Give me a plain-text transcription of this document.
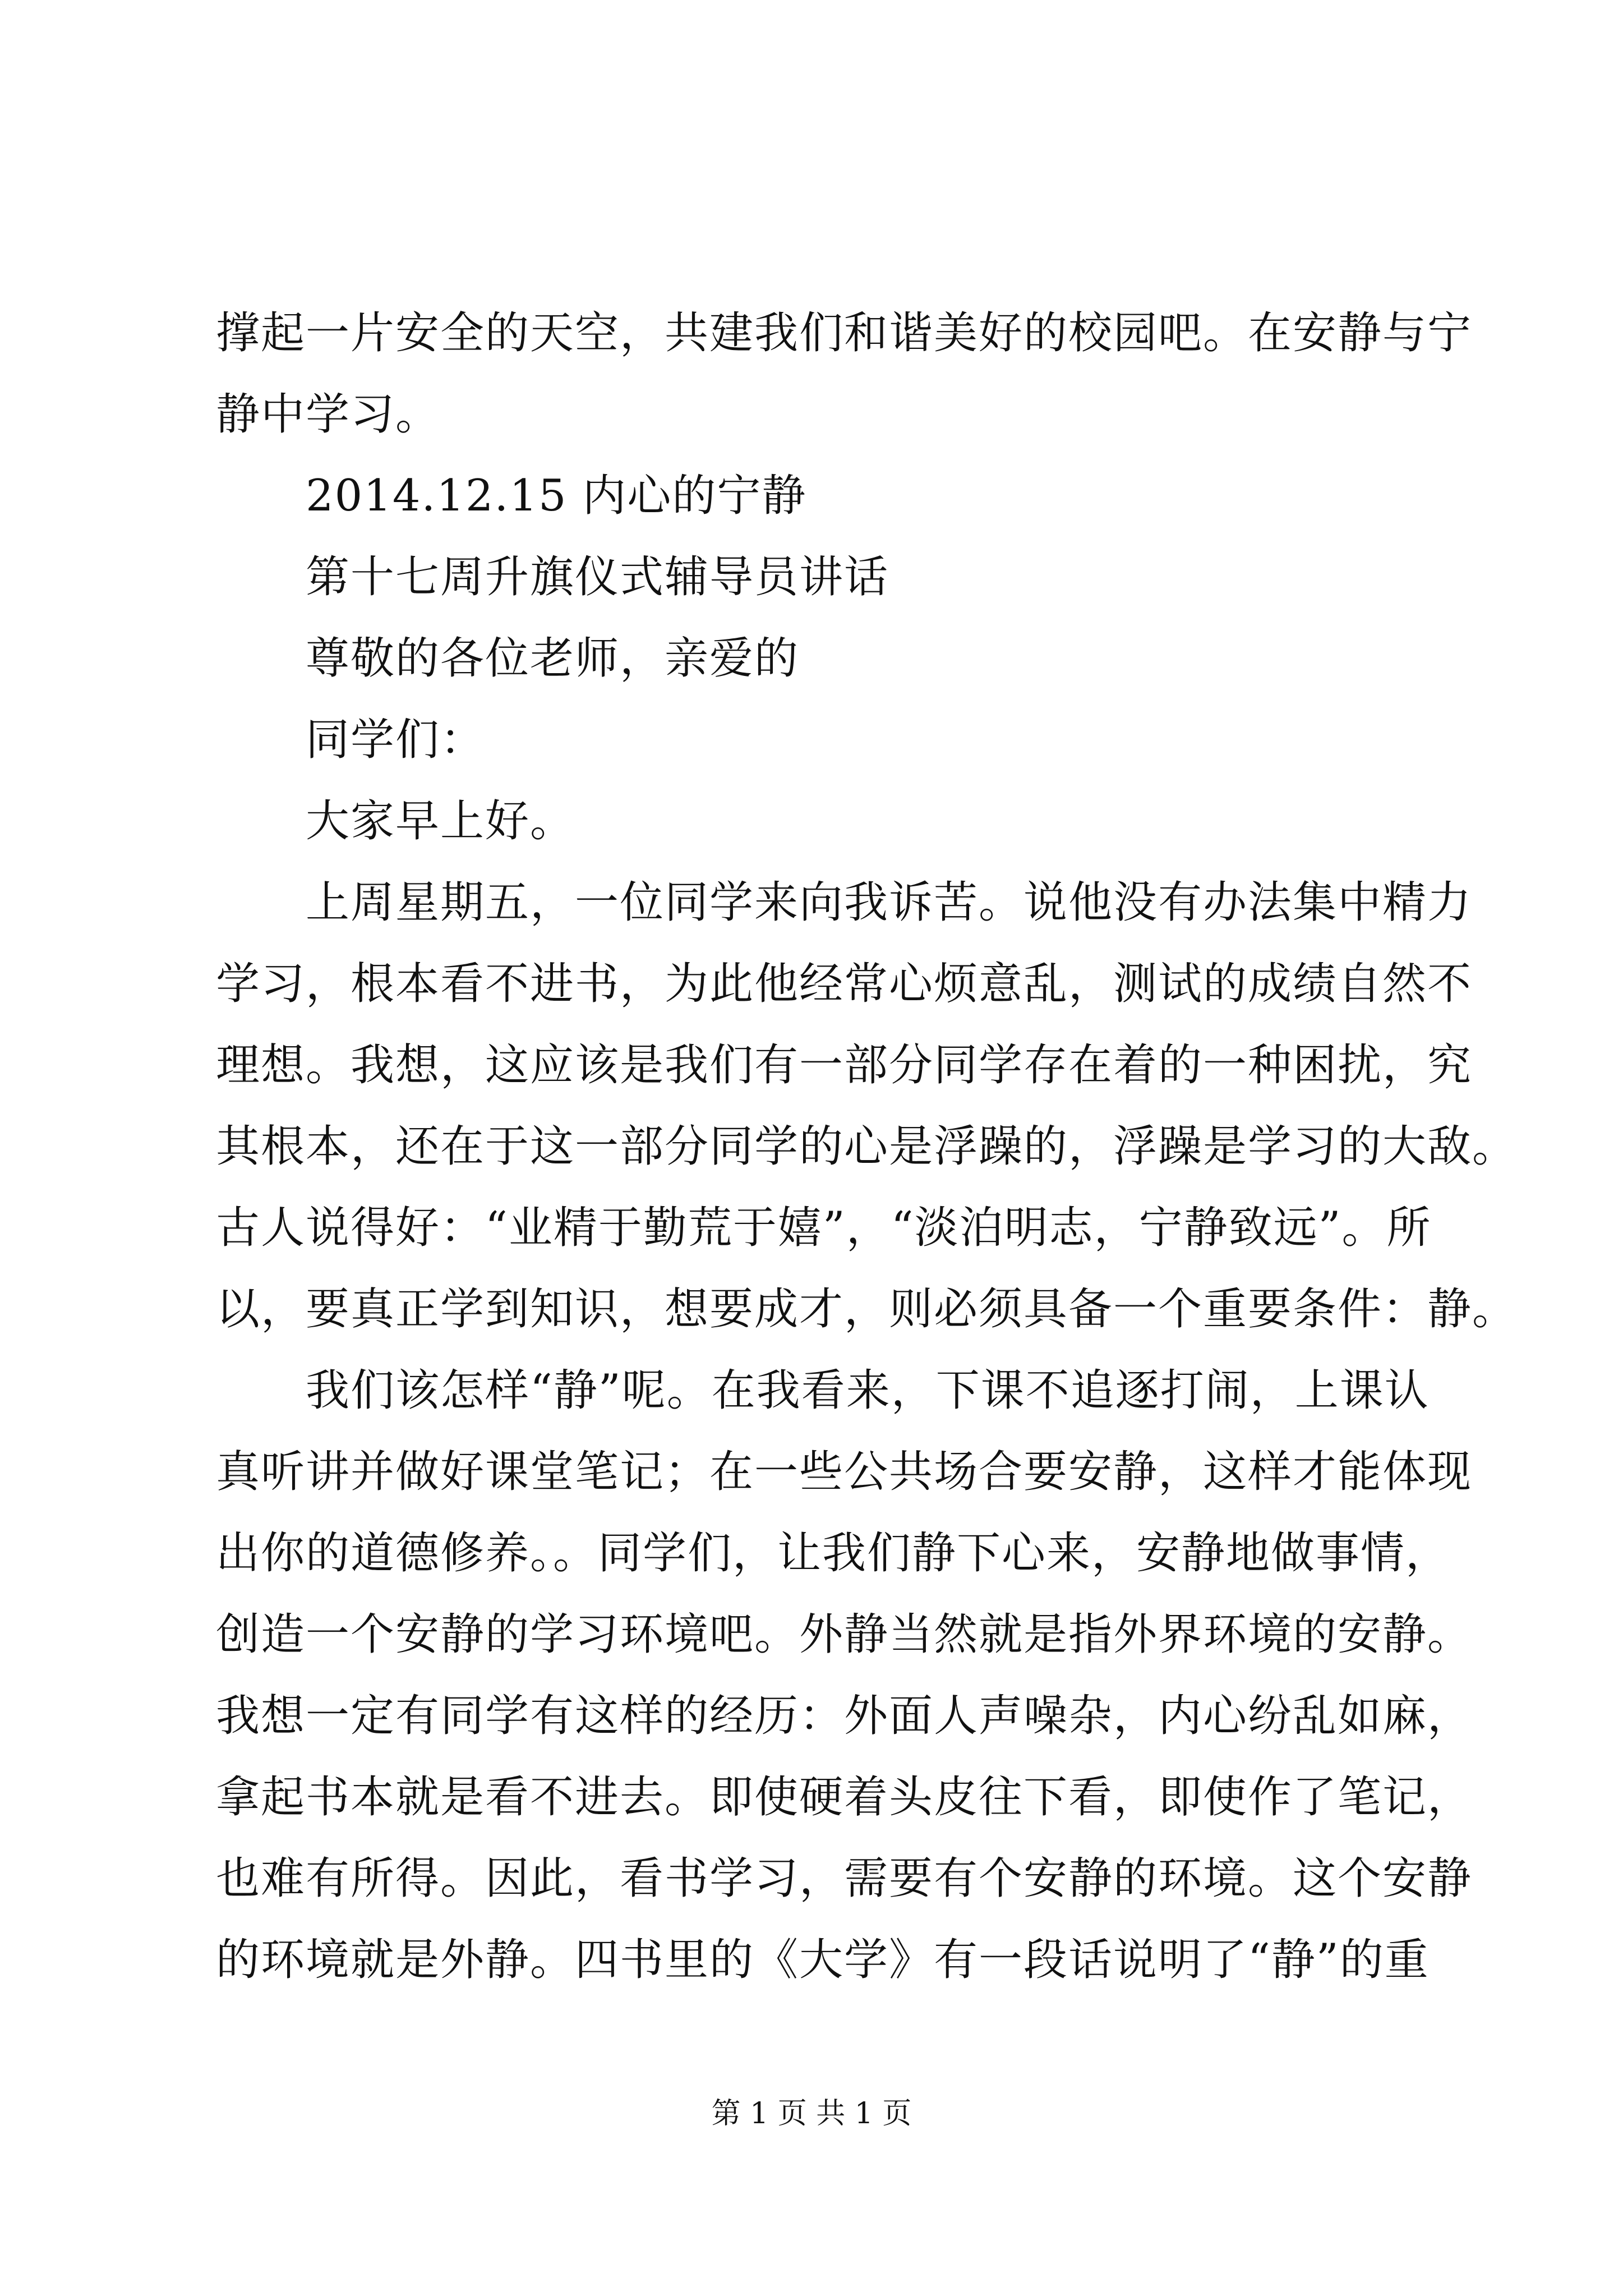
撑起一片安全的天空，共建我们和谐美好的校园吧。在安静与宁
静中学习。
2014.12.15 内心的宁静
第十七周升旗仪式辅导员讲话
尊敬的各位老师，亲爱的
同学们：
大家早上好。
上周星期五，一位同学来向我诉苦。说他没有办法集中精力
学习，根本看不进书，为此他经常心烦意乱，测试的成绩自然不
理想。我想，这应该是我们有一部分同学存在着的一种困扰，究
其根本，还在于这一部分同学的心是浮躁的，浮躁是学习的大敌。
古人说得好：“业精于勤荒于嬉”，“淡泊明志，宁静致远”。所
以，要真正学到知识，想要成才，则必须具备一个重要条件：静。
我们该怎样“静”呢。在我看来，下课不追逐打闹，上课认
真听讲并做好课堂笔记；在一些公共场合要安静，这样才能体现
出你的道德修养。。同学们，让我们静下心来，安静地做事情，
创造一个安静的学习环境吧。外静当然就是指外界环境的安静。
我想一定有同学有这样的经历：外面人声噪杂，内心纷乱如麻，
拿起书本就是看不进去。即使硬着头皮往下看，即使作了笔记，
也难有所得。因此，看书学习，需要有个安静的环境。这个安静
的环境就是外静。四书里的《大学》有一段话说明了“静”的重
第 1 页 共 1 页
